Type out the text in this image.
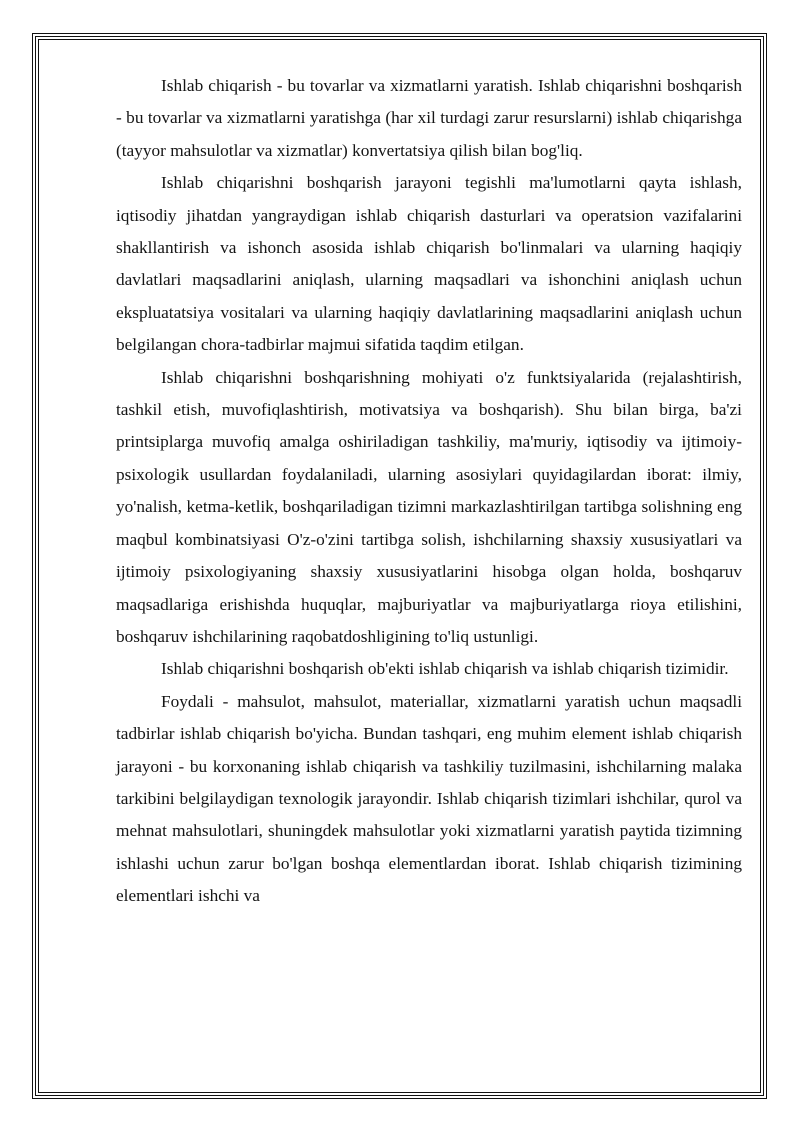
Ishlab chiqarish - bu tovarlar va xizmatlarni yaratish. Ishlab chiqarishni boshqarish - bu tovarlar va xizmatlarni yaratishga (har xil turdagi zarur resurslarni) ishlab chiqarishga (tayyor mahsulotlar va xizmatlar) konvertatsiya qilish bilan bog'liq.

Ishlab chiqarishni boshqarish jarayoni tegishli ma'lumotlarni qayta ishlash, iqtisodiy jihatdan yangraydigan ishlab chiqarish dasturlari va operatsion vazifalarini shakllantirish va ishonch asosida ishlab chiqarish bo'linmalari va ularning haqiqiy davlatlari maqsadlarini aniqlash, ularning maqsadlari va ishonchini aniqlash uchun ekspluatatsiya vositalari va ularning haqiqiy davlatlarining maqsadlarini aniqlash uchun belgilangan chora-tadbirlar majmui sifatida taqdim etilgan.

Ishlab chiqarishni boshqarishning mohiyati o'z funktsiyalarida (rejalashtirish, tashkil etish, muvofiqlashtirish, motivatsiya va boshqarish). Shu bilan birga, ba'zi printsiplarga muvofiq amalga oshiriladigan tashkiliy, ma'muriy, iqtisodiy va ijtimoiy-psixologik usullardan foydalaniladi, ularning asosiylari quyidagilardan iborat: ilmiy, yo'nalish, ketma-ketlik, boshqariladigan tizimni markazlashtirilgan tartibga solishning eng maqbul kombinatsiyasi O'z-o'zini tartibga solish, ishchilarning shaxsiy xususiyatlari va ijtimoiy psixologiyaning shaxsiy xususiyatlarini hisobga olgan holda, boshqaruv maqsadlariga erishishda huquqlar, majburiyatlar va majburiyatlarga rioya etilishini, boshqaruv ishchilarining raqobatdoshligining to'liq ustunligi.

Ishlab chiqarishni boshqarish ob'ekti ishlab chiqarish va ishlab chiqarish tizimidir.

Foydali - mahsulot, mahsulot, materiallar, xizmatlarni yaratish uchun maqsadli tadbirlar ishlab chiqarish bo'yicha. Bundan tashqari, eng muhim element ishlab chiqarish jarayoni - bu korxonaning ishlab chiqarish va tashkiliy tuzilmasini, ishchilarning malaka tarkibini belgilaydigan texnologik jarayondir. Ishlab chiqarish tizimlari ishchilar, qurol va mehnat mahsulotlari, shuningdek mahsulotlar yoki xizmatlarni yaratish paytida tizimning ishlashi uchun zarur bo'lgan boshqa elementlardan iborat. Ishlab chiqarish tizimining elementlari ishchi va
